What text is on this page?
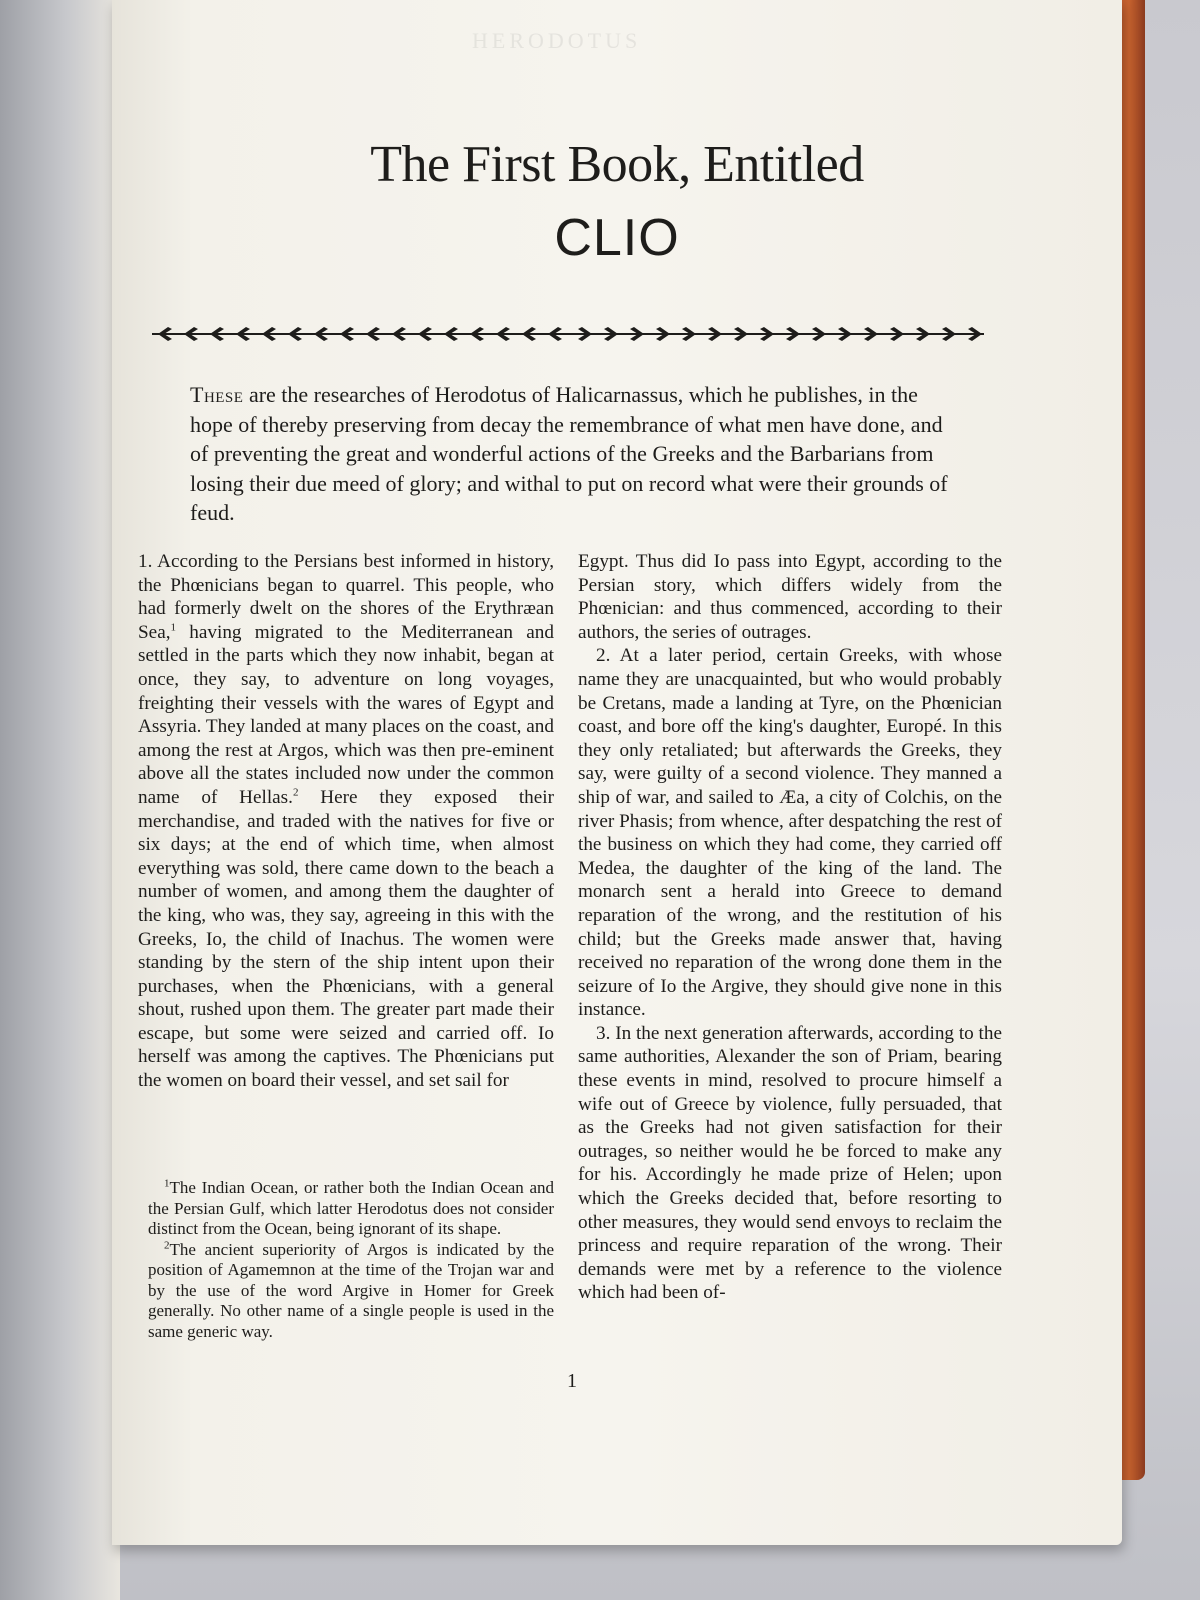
HERODOTUS
The First Book, Entitled
CLIO
These are the researches of Herodotus of Halicarnassus, which he publishes, in the hope of thereby preserving from decay the remembrance of what men have done, and of preventing the great and wonderful actions of the Greeks and the Barbarians from losing their due meed of glory; and withal to put on record what were their grounds of feud.

1. According to the Persians best informed in history, the Phœnicians began to quarrel. This people, who had formerly dwelt on the shores of the Erythræan Sea,$^1$ having migrated to the Mediterranean and settled in the parts which they now inhabit, began at once, they say, to adventure on long voyages, freighting their vessels with the wares of Egypt and Assyria. They landed at many places on the coast, and among the rest at Argos, which was then pre-eminent above all the states included now under the common name of Hellas.$^2$ Here they exposed their merchandise, and traded with the natives for five or six days; at the end of which time, when almost everything was sold, there came down to the beach a number of women, and among them the daughter of the king, who was, they say, agreeing in this with the Greeks, Io, the child of Inachus. The women were standing by the stern of the ship intent upon their purchases, when the Phœnicians, with a general shout, rushed upon them. The greater part made their escape, but some were seized and carried off. Io herself was among the captives. The Phœnicians put the women on board their vessel, and set sail for

$^1$The Indian Ocean, or rather both the Indian Ocean and the Persian Gulf, which latter Herodotus does not consider distinct from the Ocean, being ignorant of its shape.

$^2$The ancient superiority of Argos is indicated by the position of Agamemnon at the time of the Trojan war and by the use of the word Argive in Homer for Greek generally. No other name of a single people is used in the same generic way.

Egypt. Thus did Io pass into Egypt, according to the Persian story, which differs widely from the Phœnician: and thus commenced, according to their authors, the series of outrages.

2. At a later period, certain Greeks, with whose name they are unacquainted, but who would probably be Cretans, made a landing at Tyre, on the Phœnician coast, and bore off the king's daughter, Europé. In this they only retaliated; but afterwards the Greeks, they say, were guilty of a second violence. They manned a ship of war, and sailed to Æa, a city of Colchis, on the river Phasis; from whence, after despatching the rest of the business on which they had come, they carried off Medea, the daughter of the king of the land. The monarch sent a herald into Greece to demand reparation of the wrong, and the restitution of his child; but the Greeks made answer that, having received no reparation of the wrong done them in the seizure of Io the Argive, they should give none in this instance.

3. In the next generation afterwards, according to the same authorities, Alexander the son of Priam, bearing these events in mind, resolved to procure himself a wife out of Greece by violence, fully persuaded, that as the Greeks had not given satisfaction for their outrages, so neither would he be forced to make any for his. Accordingly he made prize of Helen; upon which the Greeks decided that, before resorting to other measures, they would send envoys to reclaim the princess and require reparation of the wrong. Their demands were met by a reference to the violence which had been of-

1
